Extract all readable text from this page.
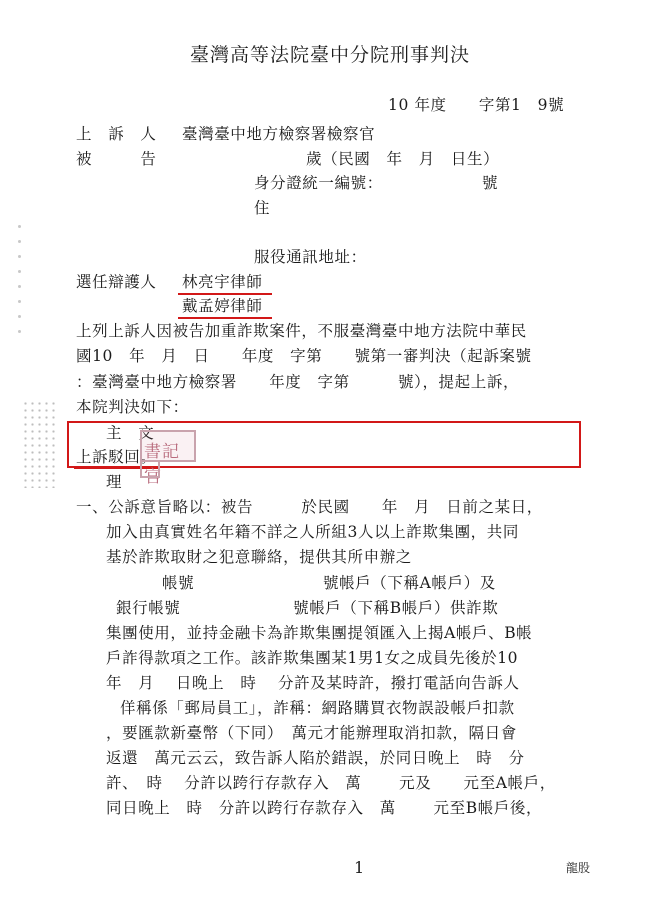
臺灣高等法院臺中分院刑事判決
10 年度　　字第1　9號
上　訴　人 臺灣臺中地方檢察署檢察官
被　　　告	歲（民國　年　月　日生）
身分證統一編號：	號
住
服役通訊地址：
選任辯護人 林亮宇律師
戴孟婷律師
上列上訴人因被告加重詐欺案件，不服臺灣臺中地方法院中華民
國10　年　月　日　　年度　字第　　號第一審判決（起訴案號
：臺灣臺中地方檢察署　　年度　字第　　　號），提起上訴，
本院判決如下：
主　文
上訴駁回。
書記官
理
一、公訴意旨略以：被告　　　於民國　　年　月　日前之某日，
加入由真實姓名年籍不詳之人所組3人以上詐欺集團，共同
基於詐欺取財之犯意聯絡，提供其所申辦之
帳號　　　　　　　　號帳戶（下稱A帳戶）及
銀行帳號　　　　　　　號帳戶（下稱B帳戶）供詐欺
集團使用，並持金融卡為詐欺集團提領匯入上揭A帳戶、B帳
戶詐得款項之工作。該詐欺集團某1男1女之成員先後於10
年　月　 日晚上　時　 分許及某時許，撥打電話向告訴人
佯稱係「郵局員工」，詐稱：網路購買衣物誤設帳戶扣款
，要匯款新臺幣（下同）　萬元才能辦理取消扣款，隔日會
返還　萬元云云，致告訴人陷於錯誤，於同日晚上　時　分
許、　時　 分許以跨行存款存入　萬　　 元及　　元至A帳戶，
同日晚上　時　分許以跨行存款存入　萬　　 元至B帳戶後，
1	龍股
